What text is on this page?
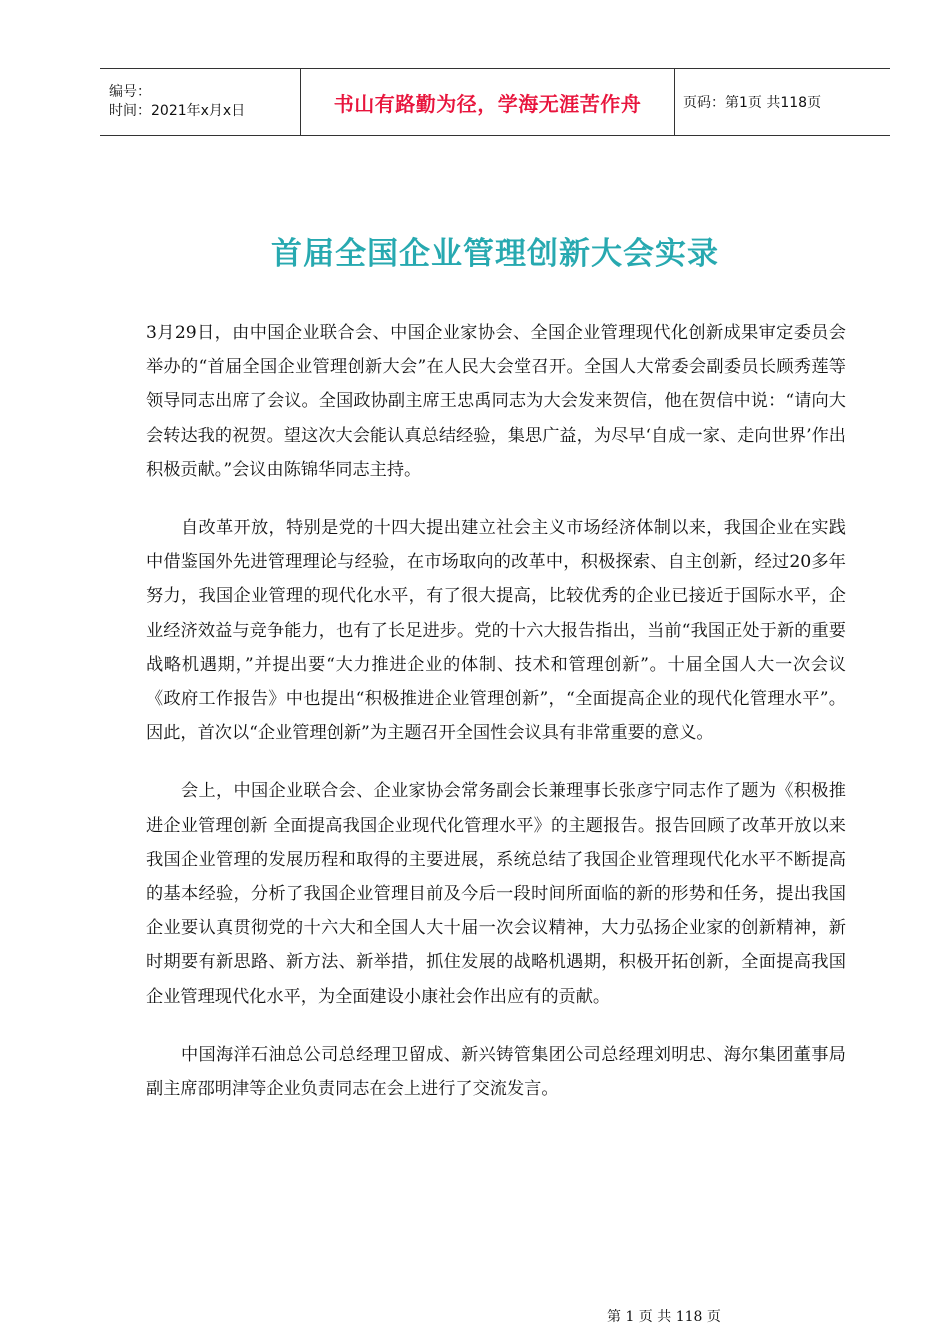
编号：
时间：2021年x月x日	书山有路勤为径，学海无涯苦作舟	页码：第1页 共118页
首届全国企业管理创新大会实录

3月29日，由中国企业联合会、中国企业家协会、全国企业管理现代化创新成果审定委员会举办的“首届全国企业管理创新大会”在人民大会堂召开。全国人大常委会副委员长顾秀莲等领导同志出席了会议。全国政协副主席王忠禹同志为大会发来贺信，他在贺信中说：“请向大会转达我的祝贺。望这次大会能认真总结经验，集思广益，为尽早‘自成一家、走向世界’作出积极贡献。”会议由陈锦华同志主持。

自改革开放，特别是党的十四大提出建立社会主义市场经济体制以来，我国企业在实践中借鉴国外先进管理理论与经验，在市场取向的改革中，积极探索、自主创新，经过20多年努力，我国企业管理的现代化水平，有了很大提高，比较优秀的企业已接近于国际水平，企业经济效益与竞争能力，也有了长足进步。党的十六大报告指出，当前“我国正处于新的重要战略机遇期，”并提出要“大力推进企业的体制、技术和管理创新”。十届全国人大一次会议《政府工作报告》中也提出“积极推进企业管理创新”，“全面提高企业的现代化管理水平”。因此，首次以“企业管理创新”为主题召开全国性会议具有非常重要的意义。

会上，中国企业联合会、企业家协会常务副会长兼理事长张彦宁同志作了题为《积极推进企业管理创新 全面提高我国企业现代化管理水平》的主题报告。报告回顾了改革开放以来我国企业管理的发展历程和取得的主要进展，系统总结了我国企业管理现代化水平不断提高的基本经验，分析了我国企业管理目前及今后一段时间所面临的新的形势和任务，提出我国企业要认真贯彻党的十六大和全国人大十届一次会议精神，大力弘扬企业家的创新精神，新时期要有新思路、新方法、新举措，抓住发展的战略机遇期，积极开拓创新，全面提高我国企业管理现代化水平，为全面建设小康社会作出应有的贡献。

中国海洋石油总公司总经理卫留成、新兴铸管集团公司总经理刘明忠、海尔集团董事局副主席邵明津等企业负责同志在会上进行了交流发言。

第 1 页 共 118 页
